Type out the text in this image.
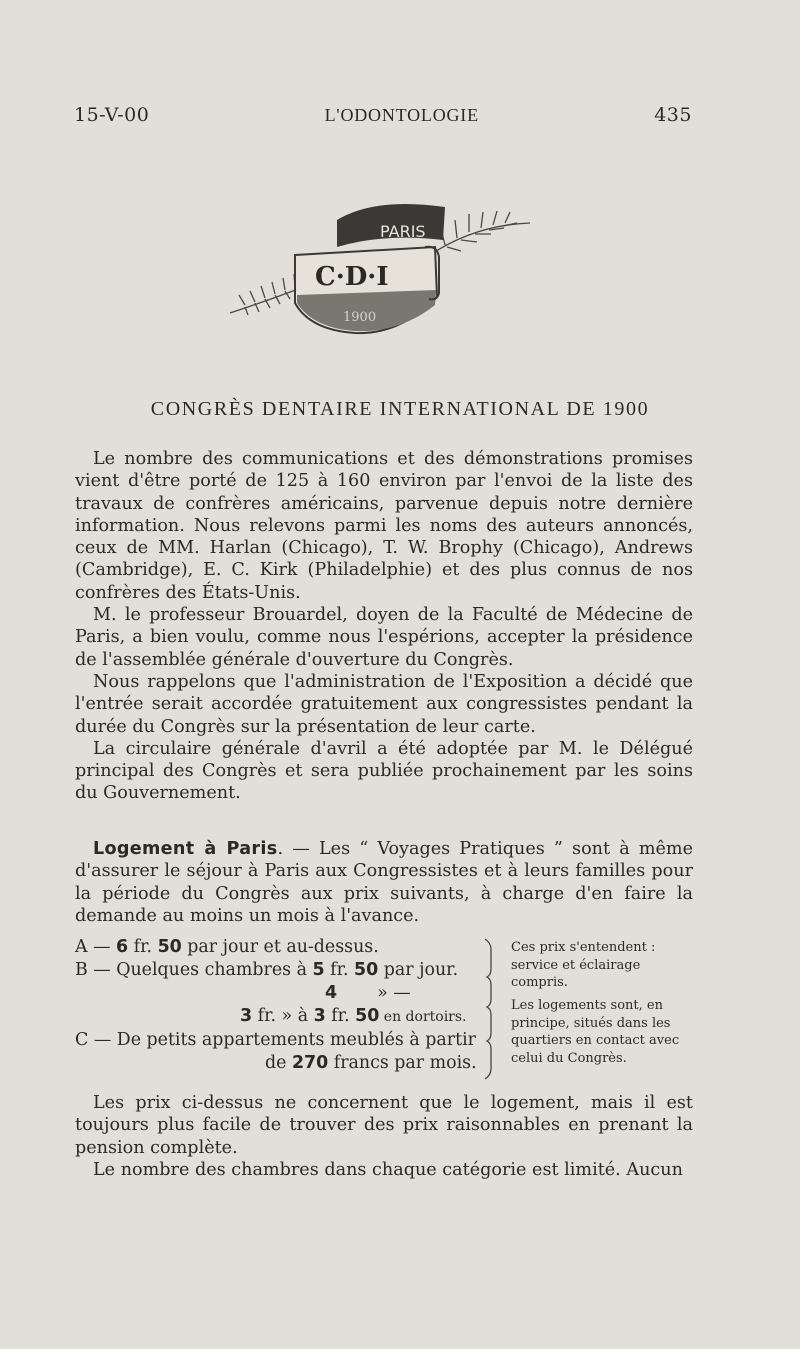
15-V-00	L'ODONTOLOGIE	435
PARIS
C·D·I
1900
CONGRÈS DENTAIRE INTERNATIONAL DE 1900

Le nombre des communications et des démonstrations promises vient d'être porté de 125 à 160 environ par l'envoi de la liste des travaux de confrères américains, parvenue depuis notre dernière information. Nous relevons parmi les noms des auteurs annoncés, ceux de MM. Harlan (Chicago), T. W. Brophy (Chicago), Andrews (Cambridge), E. C. Kirk (Philadelphie) et des plus connus de nos confrères des États-Unis.

M. le professeur Brouardel, doyen de la Faculté de Médecine de Paris, a bien voulu, comme nous l'espérions, accepter la présidence de l'assemblée générale d'ouverture du Congrès.

Nous rappelons que l'administration de l'Exposition a décidé que l'entrée serait accordée gratuitement aux congressistes pendant la durée du Congrès sur la présentation de leur carte.

La circulaire générale d'avril a été adoptée par M. le Délégué principal des Congrès et sera publiée prochainement par les soins du Gouvernement.

Logement à Paris. — Les “ Voyages Pratiques ” sont à même d'assurer le séjour à Paris aux Congressistes et à leurs familles pour la période du Congrès aux prix suivants, à charge d'en faire la demande au moins un mois à l'avance.

A — 6 fr. 50 par jour et au-dessus.
B — Quelques chambres à 5 fr. 50 par jour.
4 » —
3 fr. » à 3 fr. 50 en dortoirs.
C — De petits appartements meublés à partir
de 270 francs par mois.
Ces prix s'entendent : service et éclairage compris.
Les logements sont, en principe, situés dans les quartiers en contact avec celui du Congrès.

Les prix ci-dessus ne concernent que le logement, mais il est toujours plus facile de trouver des prix raisonnables en prenant la pension complète.

Le nombre des chambres dans chaque catégorie est limité. Aucun
